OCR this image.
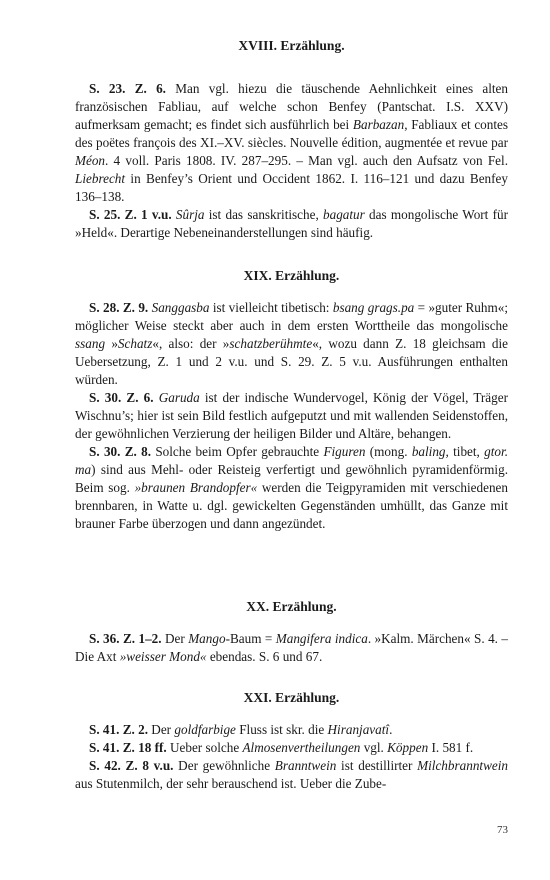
XVIII. Erzählung.

S. 23. Z. 6. Man vgl. hiezu die täuschende Aehnlichkeit eines alten französischen Fabliau, auf welche schon Benfey (Pantschat. I.S. XXV) aufmerksam gemacht; es findet sich ausführlich bei Barbazan, Fabliaux et contes des poëtes françois des XI.–XV. siècles. Nouvelle édition, augmentée et revue par Méon. 4 voll. Paris 1808. IV. 287–295. – Man vgl. auch den Aufsatz von Fel. Liebrecht in Benfey’s Orient und Occident 1862. I. 116–121 und dazu Benfey 136–138.

S. 25. Z. 1 v.u. Sûrja ist das sanskritische, bagatur das mongolische Wort für »Held«. Derartige Nebeneinanderstellungen sind häufig.

XIX. Erzählung.

S. 28. Z. 9. Sanggasba ist vielleicht tibetisch: bsang grags.pa = »guter Ruhm«; möglicher Weise steckt aber auch in dem ersten Worttheile das mongolische ssang »Schatz«, also: der »schatzberühmte«, wozu dann Z. 18 gleichsam die Uebersetzung, Z. 1 und 2 v.u. und S. 29. Z. 5 v.u. Ausführungen enthalten würden.

S. 30. Z. 6. Garuda ist der indische Wundervogel, König der Vögel, Träger Wischnu’s; hier ist sein Bild festlich aufgeputzt und mit wallenden Seidenstoffen, der gewöhnlichen Verzierung der heiligen Bilder und Altäre, behangen.

S. 30. Z. 8. Solche beim Opfer gebrauchte Figuren (mong. baling, tibet, gtor. ma) sind aus Mehl- oder Reisteig verfertigt und gewöhnlich pyramidenförmig. Beim sog. »braunen Brandopfer« werden die Teigpyramiden mit verschiedenen brennbaren, in Watte u. dgl. gewickelten Gegenständen umhüllt, das Ganze mit brauner Farbe überzogen und dann angezündet.

XX. Erzählung.

S. 36. Z. 1–2. Der Mango-Baum = Mangifera indica. »Kalm. Märchen« S. 4. – Die Axt »weisser Mond« ebendas. S. 6 und 67.

XXI. Erzählung.

S. 41. Z. 2. Der goldfarbige Fluss ist skr. die Hiranjavatî.

S. 41. Z. 18 ff. Ueber solche Almosenvertheilungen vgl. Köppen I. 581 f.

S. 42. Z. 8 v.u. Der gewöhnliche Branntwein ist destillirter Milchbranntwein aus Stutenmilch, der sehr berauschend ist. Ueber die Zube-

73
